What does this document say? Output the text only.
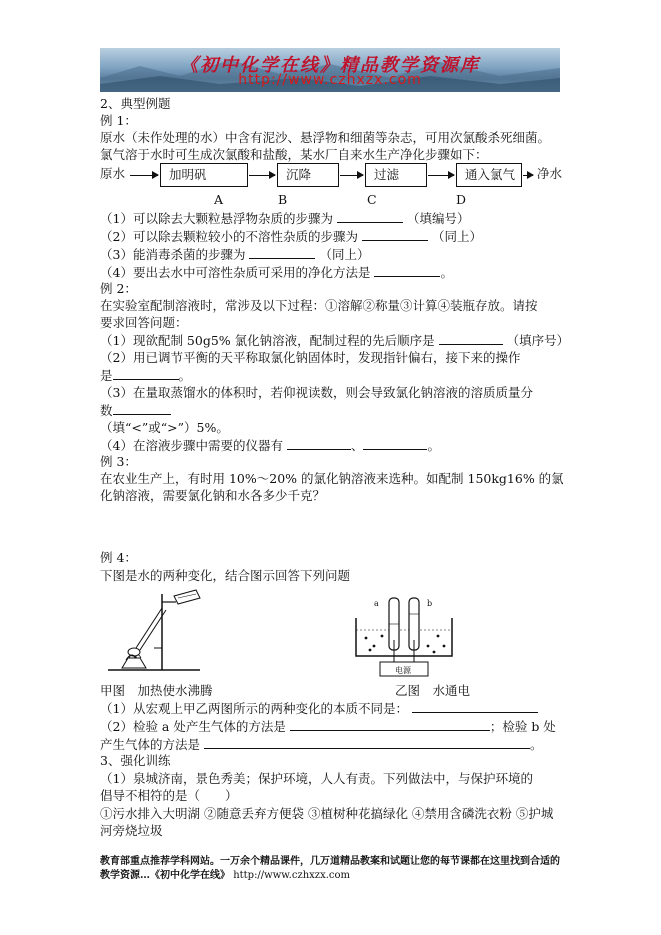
《初中化学在线》精品教学资源库
http://www.czhxzx.com
2、典型例题
例 1：
原水（未作处理的水）中含有泥沙、悬浮物和细菌等杂志，可用次氯酸杀死细菌。
氯气溶于水时可生成次氯酸和盐酸，某水厂自来水生产净化步骤如下：
原水	加明矾	沉降	过滤	通入氯气	净水
A	B	C	D
（1）可以除去大颗粒悬浮物杂质的步骤为	（填编号）
（2）可以除去颗粒较小的不溶性杂质的步骤为	（同上）
（3）能消毒杀菌的步骤为	（同上）
（4）要出去水中可溶性杂质可采用的净化方法是	。
例 2：
在实验室配制溶液时，常涉及以下过程：①溶解②称量③计算④装瓶存放。请按
要求回答问题：
（1）现欲配制 50g5% 氯化钠溶液，配制过程的先后顺序是	（填序号）
（2）用已调节平衡的天平称取氯化钠固体时，发现指针偏右，接下来的操作
是	。
（3）在量取蒸馏水的体积时，若仰视读数，则会导致氯化钠溶液的溶质质量分
数
（填“<”或“>”）5%。
（4）在溶液步骤中需要的仪器有	、	。
例 3：
在农业生产上，有时用 10%～20% 的氯化钠溶液来选种。如配制 150kg16% 的氯
化钠溶液，需要氯化钠和水各多少千克？
例 4：
下图是水的两种变化，结合图示回答下列问题
甲图　加热使水沸腾
电源
a	b
乙图　水通电
（1）从宏观上甲乙两图所示的两种变化的本质不同是：
（2）检验 a 处产生气体的方法是	；检验 b 处
产生气体的方法是	。
3、强化训练
（1）泉城济南，景色秀美；保护环境，人人有责。下列做法中，与保护环境的
倡导不相符的是（　　）
①污水排入大明湖 ②随意丢弃方便袋 ③植树种花搞绿化 ④禁用含磷洗衣粉 ⑤护城
河旁烧垃圾
教育部重点推荐学科网站。一万余个精品课件，几万道精品教案和试题让您的每节课都在这里找到合适的
教学资源…《初中化学在线》 http://www.czhxzx.com
